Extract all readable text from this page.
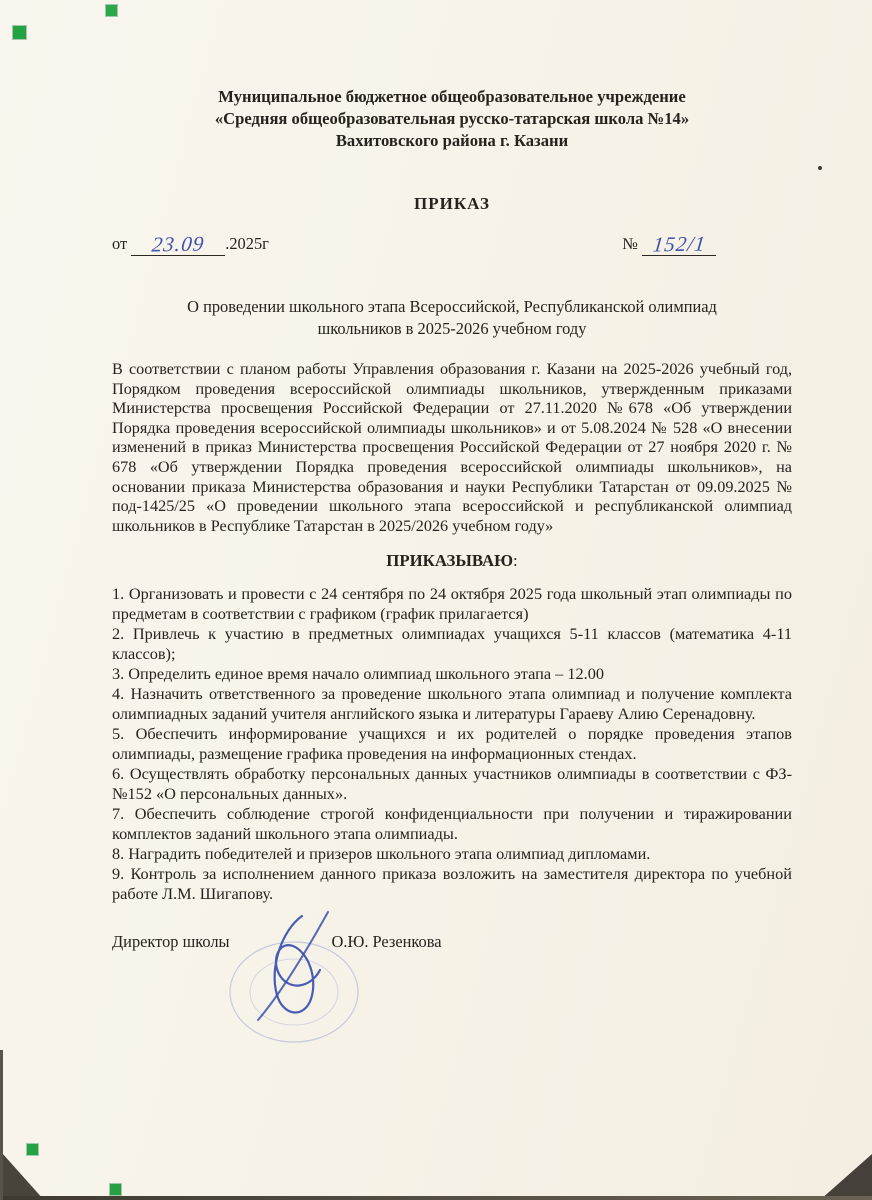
Муниципальное бюджетное общеобразовательное учреждение
«Средняя общеобразовательная русско-татарская школа №14»
Вахитовского района г. Казани
ПРИКАЗ
от 23.09 .2025г	№ 152/1
О проведении школьного этапа Всероссийской, Республиканской олимпиад школьников в 2025-2026 учебном году
В соответствии с планом работы Управления образования г. Казани на 2025-2026 учебный год, Порядком проведения всероссийской олимпиады школьников, утвержденным приказами Министерства просвещения Российской Федерации от 27.11.2020 №678 «Об утверждении Порядка проведения всероссийской олимпиады школьников» и от 5.08.2024 № 528 «О внесении изменений в приказ Министерства просвещения Российской Федерации от 27 ноября 2020 г. № 678 «Об утверждении Порядка проведения всероссийской олимпиады школьников», на основании приказа Министерства образования и науки Республики Татарстан от 09.09.2025 № под-1425/25 «О проведении школьного этапа всероссийской и республиканской олимпиад школьников в Республике Татарстан в 2025/2026 учебном году»
ПРИКАЗЫВАЮ:

1. Организовать и провести с 24 сентября по 24 октября 2025 года школьный этап олимпиады по предметам в соответствии с графиком (график прилагается)

2. Привлечь к участию в предметных олимпиадах учащихся 5-11 классов (математика 4-11 классов);

3. Определить единое время начало олимпиад школьного этапа – 12.00

4. Назначить ответственного за проведение школьного этапа олимпиад и получение комплекта олимпиадных заданий учителя английского языка и литературы Гараеву Алию Серенадовну.

5. Обеспечить информирование учащихся и их родителей о порядке проведения этапов олимпиады, размещение графика проведения на информационных стендах.

6. Осуществлять обработку персональных данных участников олимпиады в соответствии с ФЗ- №152 «О персональных данных».

7. Обеспечить соблюдение строгой конфиденциальности при получении и тиражировании комплектов заданий школьного этапа олимпиады.

8. Наградить победителей и призеров школьного этапа олимпиад дипломами.

9. Контроль за исполнением данного приказа возложить на заместителя директора по учебной работе Л.М. Шигапову.

Директор школы	О.Ю. Резенкова
